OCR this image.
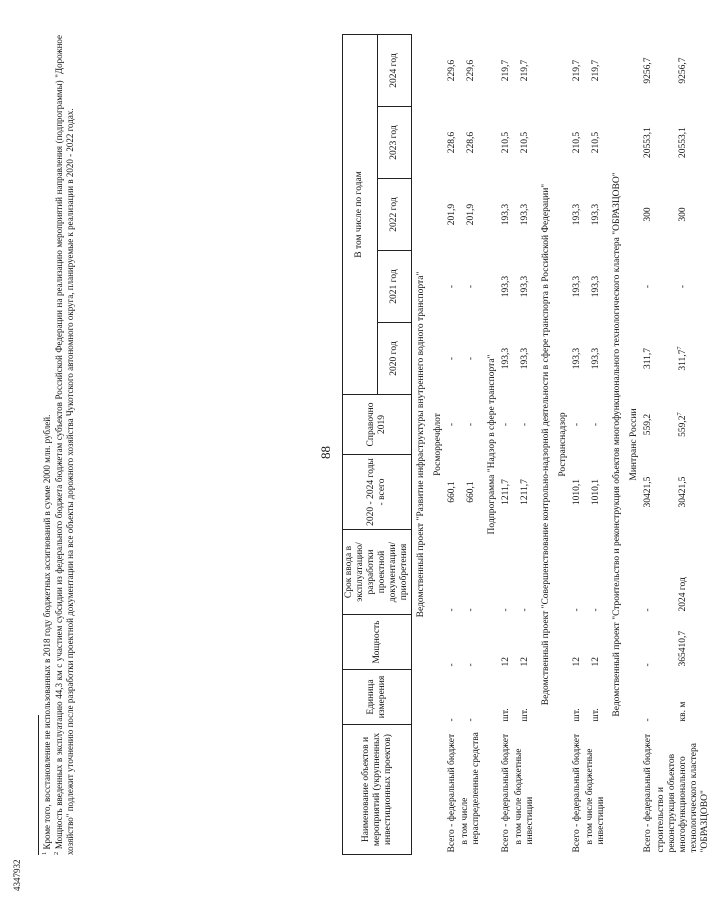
4347932
88
Наименование объектов и мероприятий (укрупненных инвестиционных проектов)	Единица измерения	Мощность	Срок ввода в эксплуатацию/ разработки проектной документации/ приобретения	2020 - 2024 годы - всего	Справочно 2019	В том числе по годам				
						2020 год	2021 год	2022 год	2023 год	2024 год
Ведомственный проект "Развитие инфраструктуры внутреннего водного транспорта"										
Росморречфлот										
Всего - федеральный бюджет	-	-	-	660,1	-	-	-	201,9	228,6	229,6
в том числе нераспределенные средства	-	-	-	660,1	-	-	-	201,9	228,6	229,6
Подпрограмма "Надзор в сфере транспорта"										
Всего - федеральный бюджет	шт.	12	-	1211,7	-	193,3	193,3	193,3	210,5	219,7
в том числе бюджетные инвестиции	шт.	12	-	1211,7	-	193,3	193,3	193,3	210,5	219,7
Ведомственный проект "Совершенствование контрольно-надзорной деятельности в сфере транспорта в Российской Федерации"										
Ространснадзор										
Всего - федеральный бюджет	шт.	12	-	1010,1	-	193,3	193,3	193,3	210,5	219,7
в том числе бюджетные инвестиции	шт.	12	-	1010,1	-	193,3	193,3	193,3	210,5	219,7
Ведомственный проект "Строительство и реконструкция объектов многофункционального технологического кластера "ОБРАЗЦОВО"										
Минтранс России										
Всего - федеральный бюджет	-	-	-	30421,5	559,2	311,7	-	300	20553,1	9256,7
строительство и реконструкция объектов многофункционального технологического кластера "ОБРАЗЦОВО"	кв. м	365410,7	2024 год	30421,5	559,2$^7$	311,7$^7$	-	300	20553,1	9256,7

$^2$ Мощность введенных в эксплуатацию 44,3 км с участием субсидии из федерального бюджета бюджетам субъектов Российской Федерации на реализацию мероприятий направления (подпрограммы) "Дорожное хозяйство" подлежит уточнению после разработки проектной документации на все объекты дорожного хозяйства Чукотского автономного округа, планируемые к реализации в 2020 - 2022 годах.

$^1$ Кроме того, восстановление не использованных в 2018 году бюджетных ассигнований в сумме 2000 млн. рублей.
